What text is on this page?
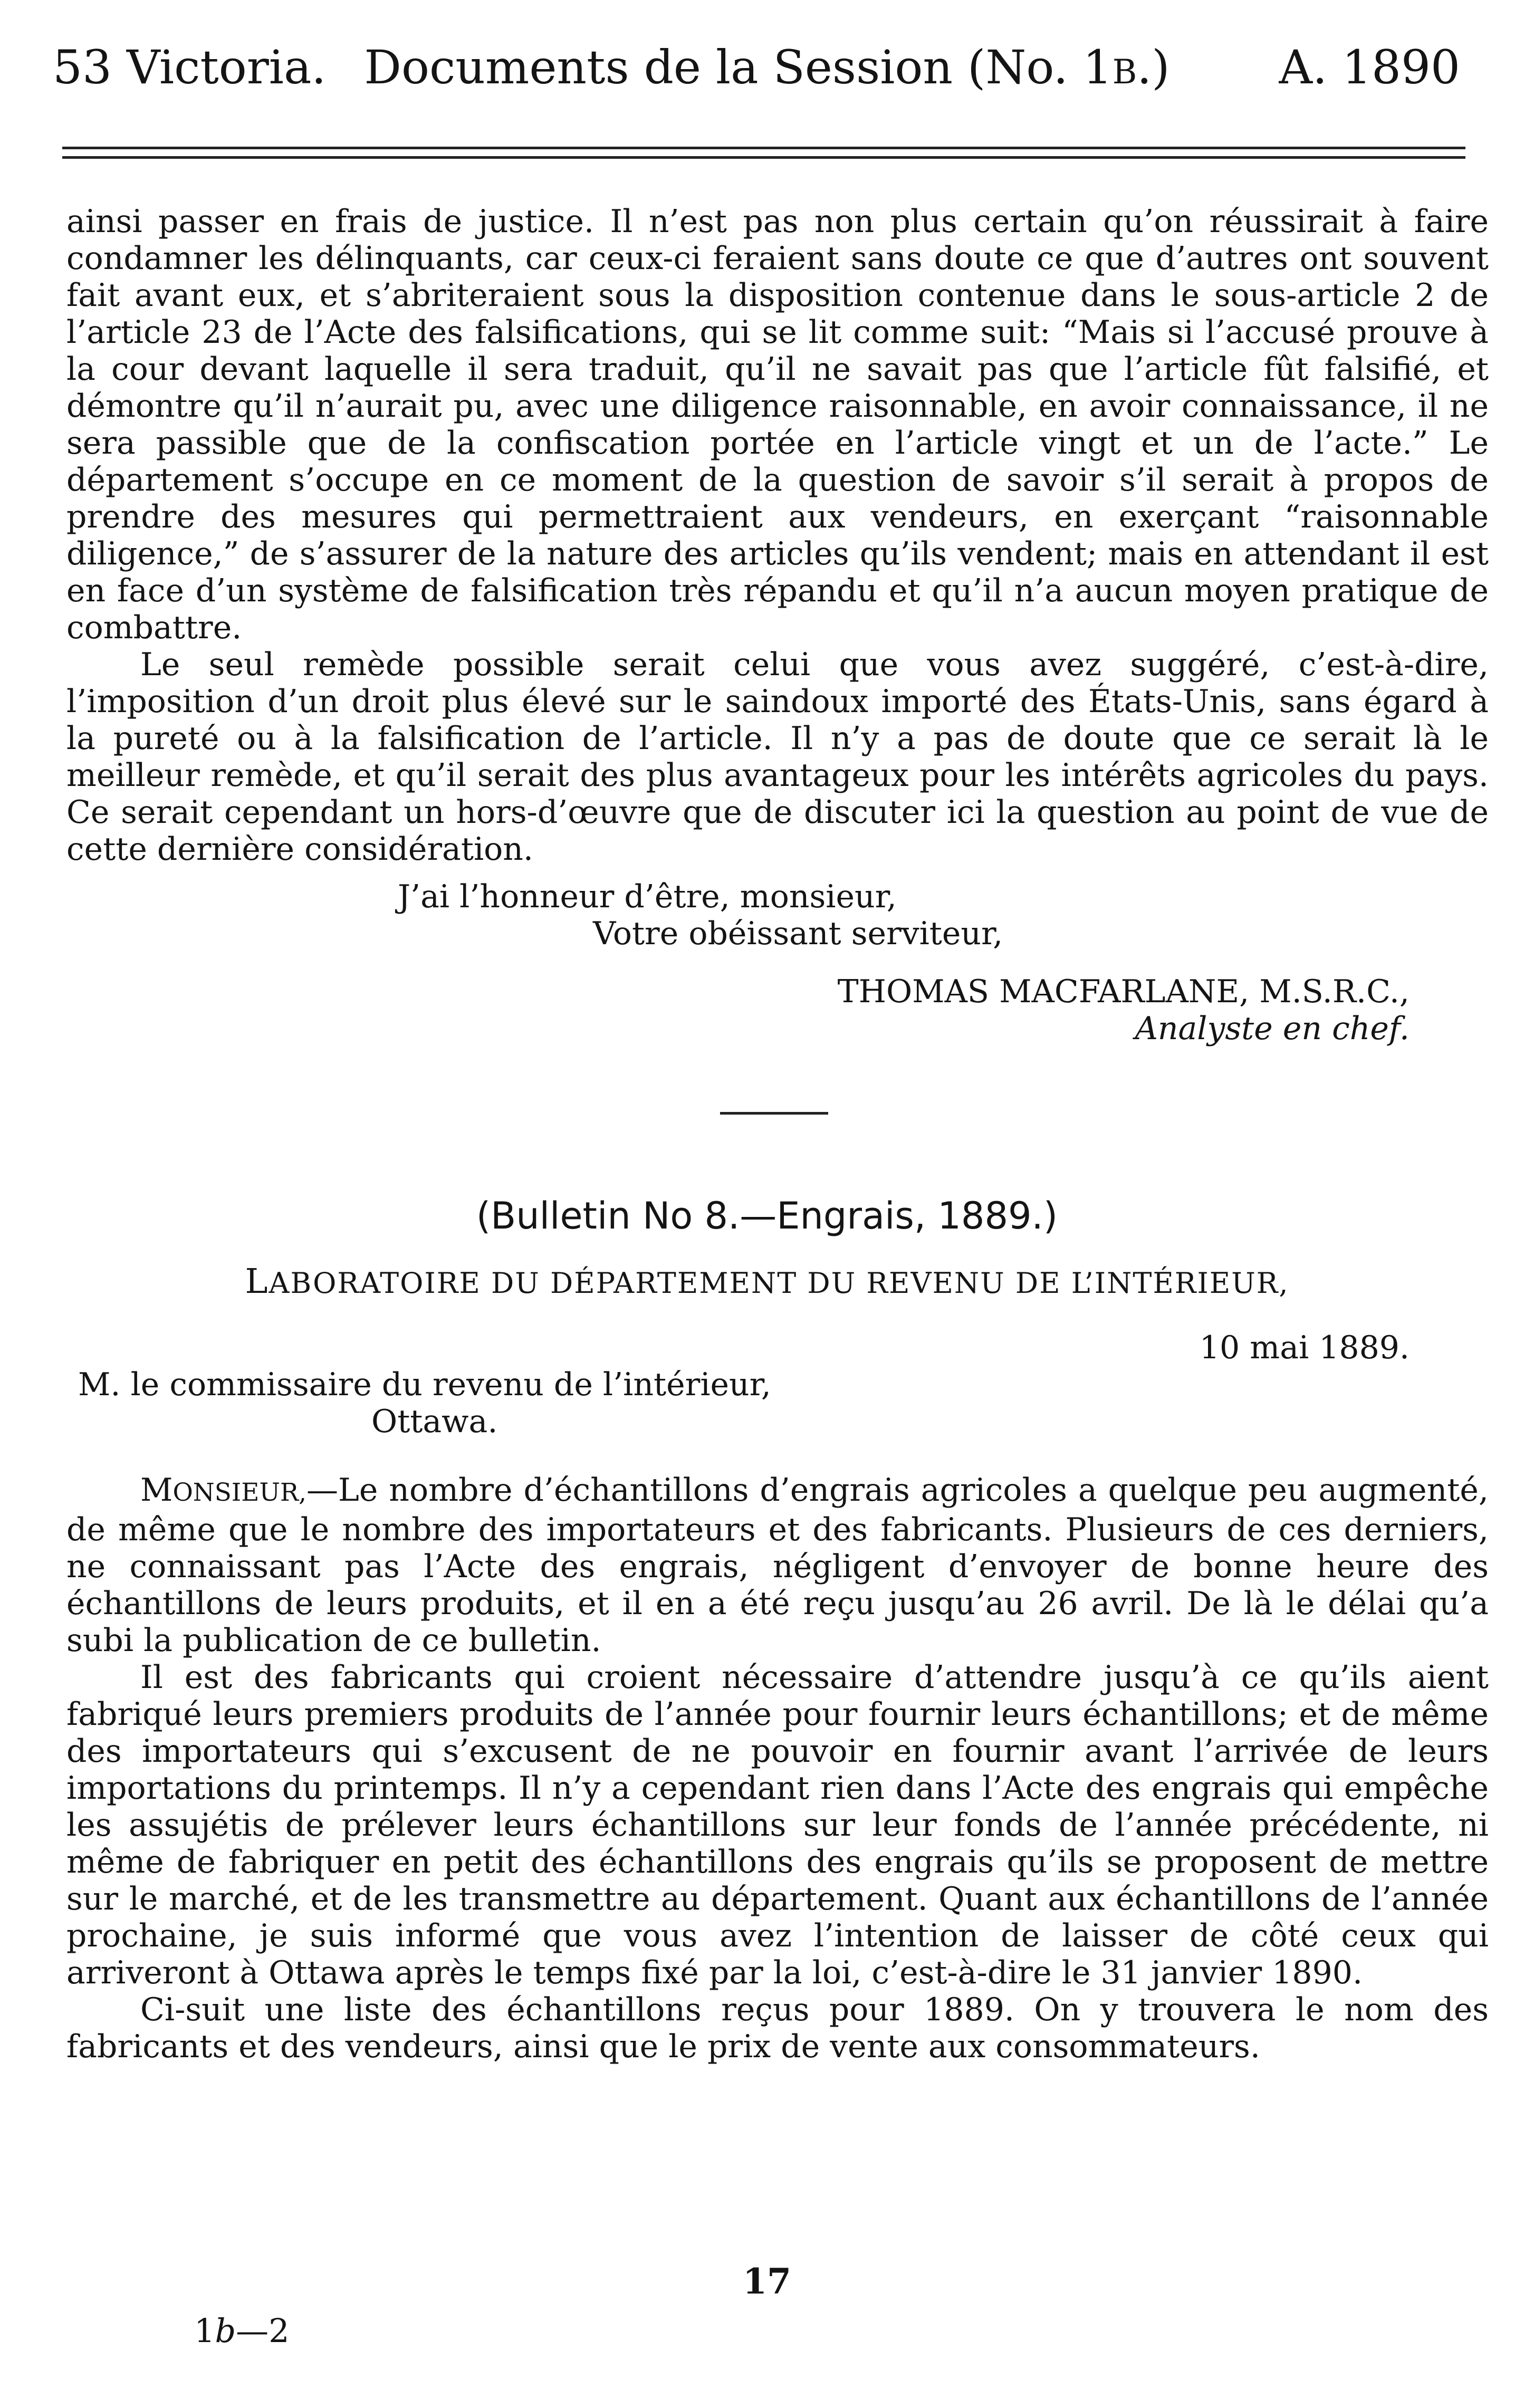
53 Victoria. Documents de la Session (No. 1B.)	A. 1890

ainsi passer en frais de justice. Il n’est pas non plus certain qu’on réussirait à faire condamner les délinquants, car ceux-ci feraient sans doute ce que d’autres ont souvent fait avant eux, et s’abriteraient sous la disposition contenue dans le sous-article 2 de l’article 23 de l’Acte des falsifications, qui se lit comme suit: “Mais si l’accusé prouve à la cour devant laquelle il sera traduit, qu’il ne savait pas que l’article fût falsifié, et démontre qu’il n’aurait pu, avec une diligence raisonnable, en avoir connaissance, il ne sera passible que de la confiscation portée en l’article vingt et un de l’acte.” Le département s’occupe en ce moment de la question de savoir s’il serait à propos de prendre des mesures qui permettraient aux vendeurs, en exerçant “raisonnable diligence,” de s’assurer de la nature des articles qu’ils vendent; mais en attendant il est en face d’un système de falsification très répandu et qu’il n’a aucun moyen pratique de combattre.

Le seul remède possible serait celui que vous avez suggéré, c’est-à-dire, l’imposition d’un droit plus élevé sur le saindoux importé des États-Unis, sans égard à la pureté ou à la falsification de l’article. Il n’y a pas de doute que ce serait là le meilleur remède, et qu’il serait des plus avantageux pour les intérêts agricoles du pays. Ce serait cependant un hors-d’œuvre que de discuter ici la question au point de vue de cette dernière considération.

J’ai l’honneur d’être, monsieur,
Votre obéissant serviteur,
THOMAS MACFARLANE, M.S.R.C.,
Analyste en chef.
(Bulletin No 8.—Engrais, 1889.)
LABORATOIRE DU DÉPARTEMENT DU REVENU DE L’INTÉRIEUR,
10 mai 1889.
M. le commissaire du revenu de l’intérieur,
Ottawa.

MONSIEUR,—Le nombre d’échantillons d’engrais agricoles a quelque peu augmenté, de même que le nombre des importateurs et des fabricants. Plusieurs de ces derniers, ne connaissant pas l’Acte des engrais, négligent d’envoyer de bonne heure des échantillons de leurs produits, et il en a été reçu jusqu’au 26 avril. De là le délai qu’a subi la publication de ce bulletin.

Il est des fabricants qui croient nécessaire d’attendre jusqu’à ce qu’ils aient fabriqué leurs premiers produits de l’année pour fournir leurs échantillons; et de même des importateurs qui s’excusent de ne pouvoir en fournir avant l’arrivée de leurs importations du printemps. Il n’y a cependant rien dans l’Acte des engrais qui empêche les assujétis de prélever leurs échantillons sur leur fonds de l’année précédente, ni même de fabriquer en petit des échantillons des engrais qu’ils se proposent de mettre sur le marché, et de les transmettre au département. Quant aux échantillons de l’année prochaine, je suis informé que vous avez l’intention de laisser de côté ceux qui arriveront à Ottawa après le temps fixé par la loi, c’est-à-dire le 31 janvier 1890.

Ci-suit une liste des échantillons reçus pour 1889. On y trouvera le nom des fabricants et des vendeurs, ainsi que le prix de vente aux consommateurs.

17
1b—2
